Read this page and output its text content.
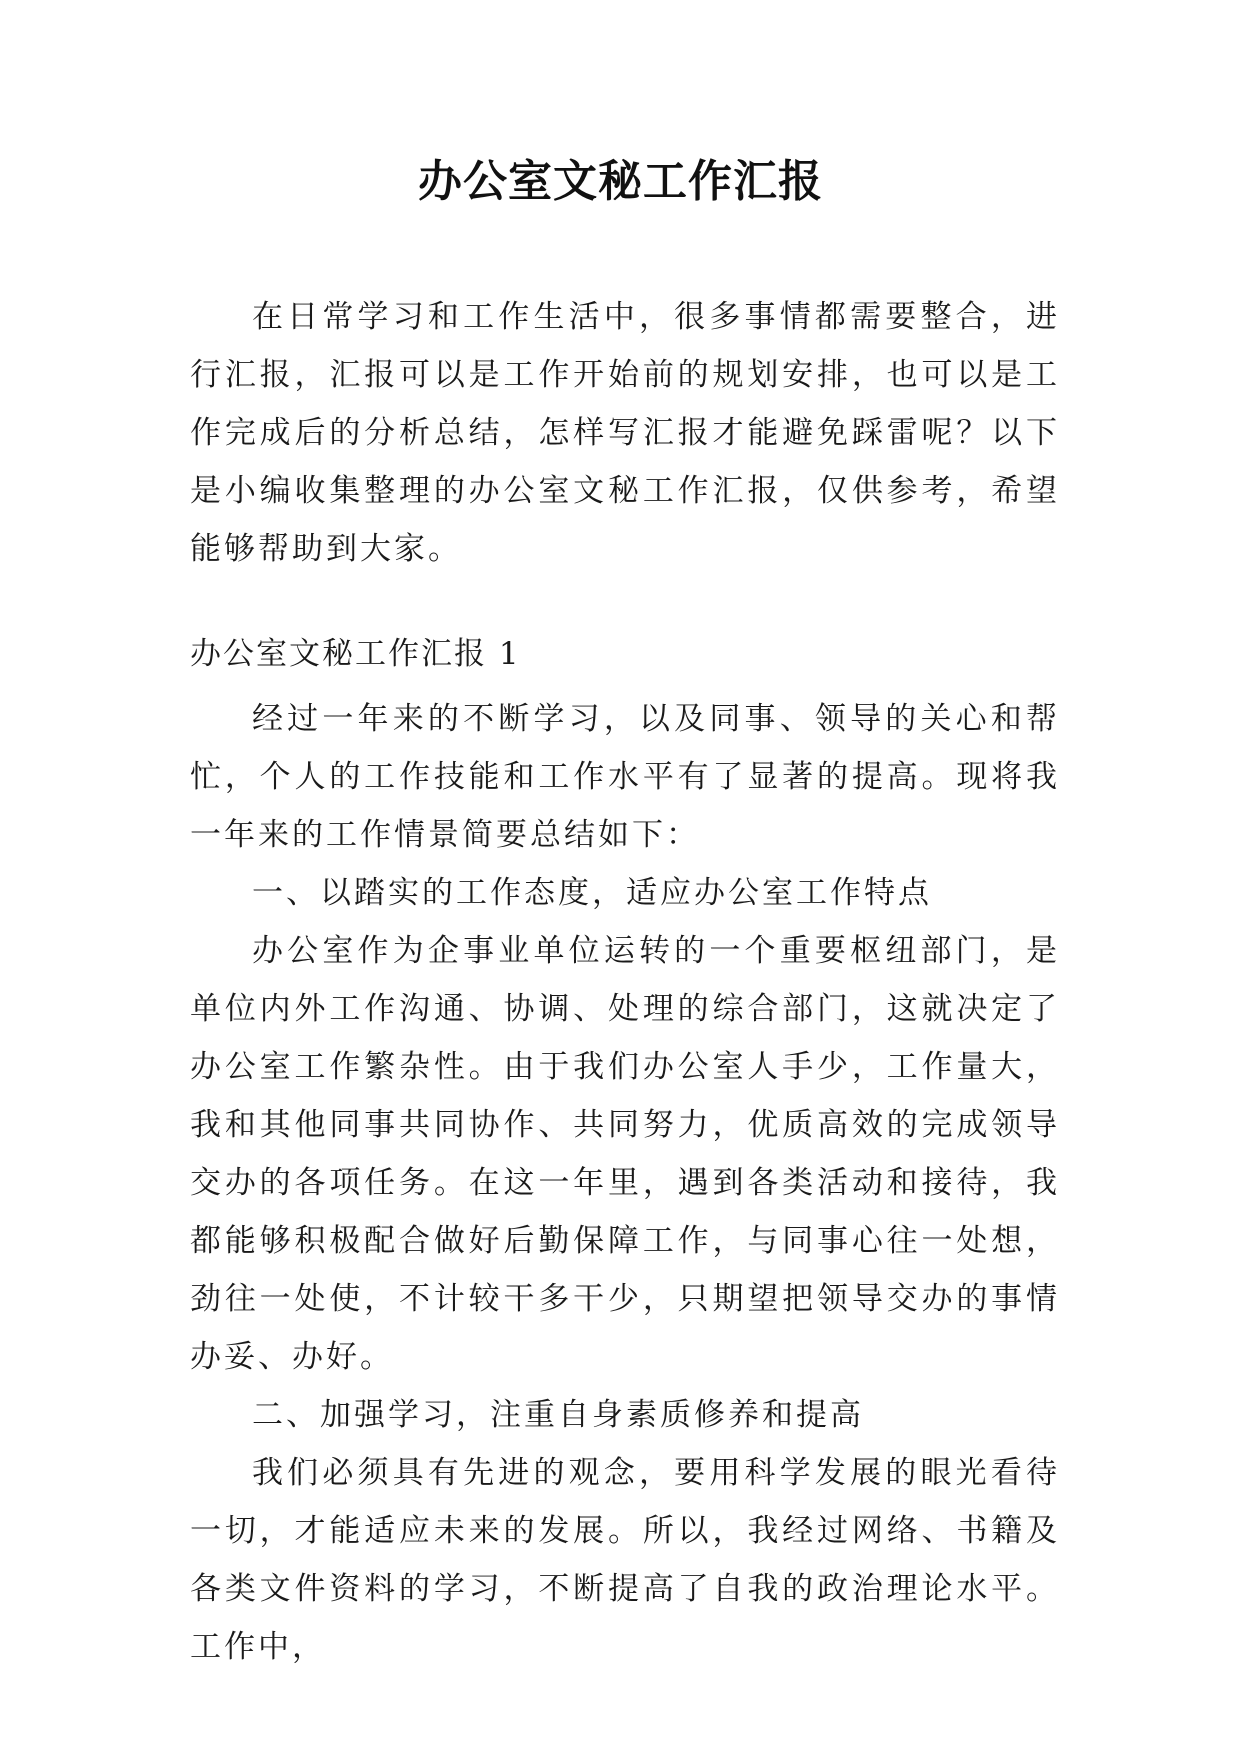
办公室文秘工作汇报
在日常学习和工作生活中，很多事情都需要整合，进行汇报，汇报可以是工作开始前的规划安排，也可以是工作完成后的分析总结，怎样写汇报才能避免踩雷呢？以下是小编收集整理的办公室文秘工作汇报，仅供参考，希望能够帮助到大家。
办公室文秘工作汇报 1

经过一年来的不断学习，以及同事、领导的关心和帮忙，个人的工作技能和工作水平有了显著的提高。现将我一年来的工作情景简要总结如下：

一、以踏实的工作态度，适应办公室工作特点

办公室作为企事业单位运转的一个重要枢纽部门，是单位内外工作沟通、协调、处理的综合部门，这就决定了办公室工作繁杂性。由于我们办公室人手少，工作量大，我和其他同事共同协作、共同努力，优质高效的完成领导交办的各项任务。在这一年里，遇到各类活动和接待，我都能够积极配合做好后勤保障工作，与同事心往一处想，劲往一处使，不计较干多干少，只期望把领导交办的事情办妥、办好。

二、加强学习，注重自身素质修养和提高

我们必须具有先进的观念，要用科学发展的眼光看待一切，才能适应未来的发展。所以，我经过网络、书籍及各类文件资料的学习，不断提高了自我的政治理论水平。工作中，
